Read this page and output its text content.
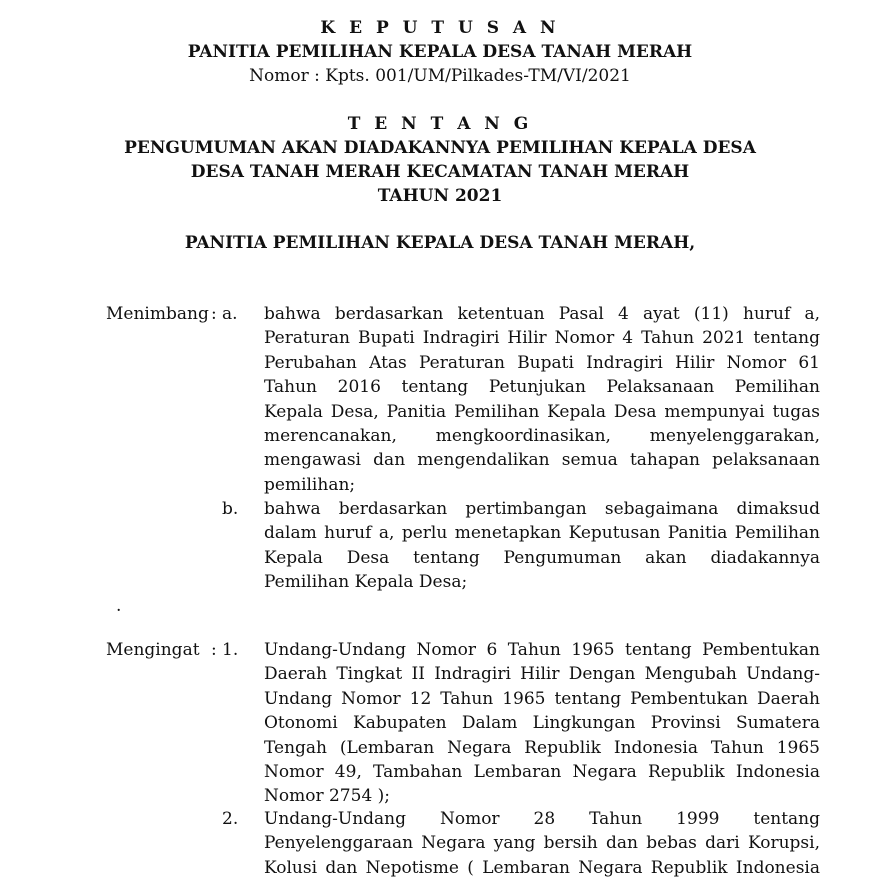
K E P U T U S A N
PANITIA PEMILIHAN KEPALA DESA TANAH MERAH
Nomor : Kpts. 001/UM/Pilkades-TM/VI/2021
T E N T A N G
PENGUMUMAN AKAN DIADAKANNYA PEMILIHAN KEPALA DESA
DESA TANAH MERAH KECAMATAN TANAH MERAH
TAHUN 2021
PANITIA PEMILIHAN KEPALA DESA TANAH MERAH,
Menimbang : a. bahwa berdasarkan ketentuan Pasal 4 ayat (11) huruf a,
Peraturan Bupati Indragiri Hilir Nomor 4 Tahun 2021 tentang
Perubahan Atas Peraturan Bupati Indragiri Hilir Nomor 61
Tahun 2016 tentang Petunjukan Pelaksanaan Pemilihan
Kepala Desa, Panitia Pemilihan Kepala Desa mempunyai tugas
merencanakan, mengkoordinasikan, menyelenggarakan,
mengawasi dan mengendalikan semua tahapan pelaksanaan
pemilihan;
b. bahwa berdasarkan pertimbangan sebagaimana dimaksud
dalam huruf a, perlu menetapkan Keputusan Panitia Pemilihan
Kepala Desa tentang Pengumuman akan diadakannya
Pemilihan Kepala Desa;
.
Mengingat : 1. Undang-Undang Nomor 6 Tahun 1965 tentang Pembentukan
Daerah Tingkat II Indragiri Hilir Dengan Mengubah Undang-
Undang Nomor 12 Tahun 1965 tentang Pembentukan Daerah
Otonomi Kabupaten Dalam Lingkungan Provinsi Sumatera
Tengah (Lembaran Negara Republik Indonesia Tahun 1965
Nomor 49, Tambahan Lembaran Negara Republik Indonesia
Nomor 2754 );
2. Undang-Undang Nomor 28 Tahun 1999 tentang
Penyelenggaraan Negara yang bersih dan bebas dari Korupsi,
Kolusi dan Nepotisme ( Lembaran Negara Republik Indonesia
